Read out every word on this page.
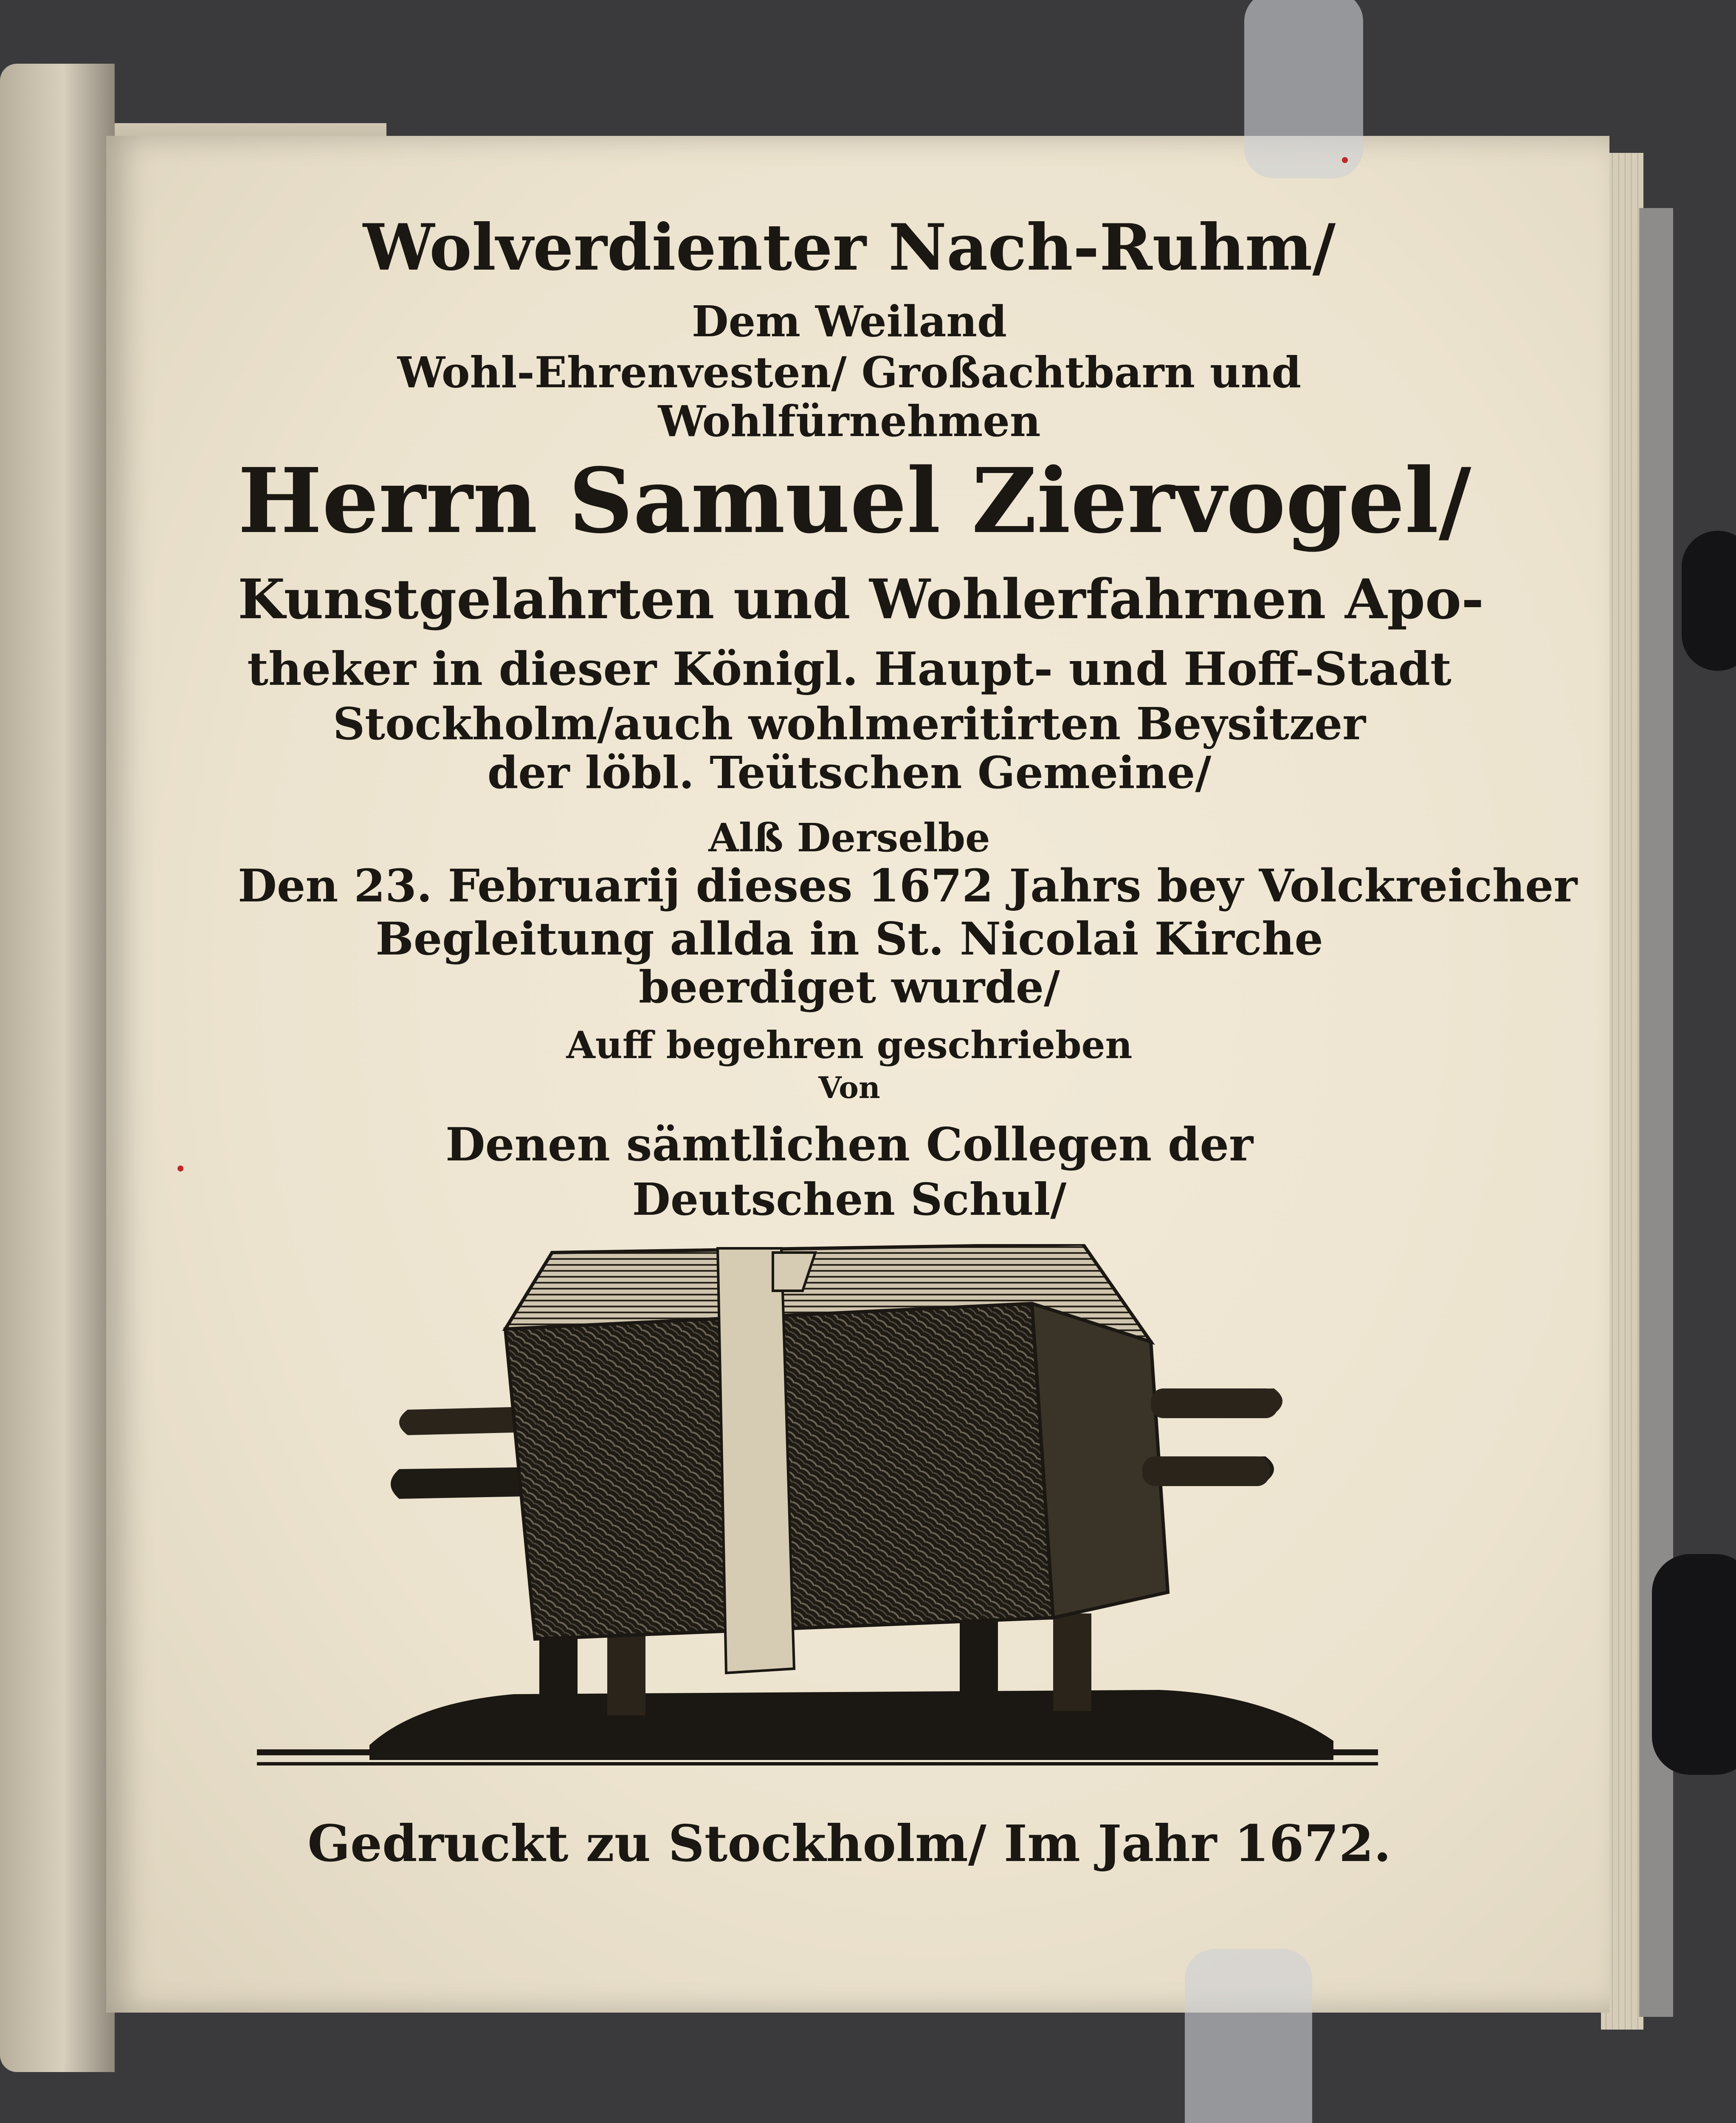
Wolverdienter Nach-Ruhm/
Dem Weiland
Wohl-Ehrenvesten/ Großachtbarn und
Wohlfürnehmen
Herrn Samuel Ziervogel/
Kunstgelahrten und Wohlerfahrnen Apo-
theker in dieser Königl. Haupt- und Hoff-Stadt
Stockholm/auch wohlmeritirten Beysitzer
der löbl. Teütschen Gemeine/
Alß Derselbe
Den 23. Februarij dieses 1672 Jahrs bey Volckreicher
Begleitung allda in St. Nicolai Kirche
beerdiget wurde/
Auff begehren geschrieben
Von
Denen sämtlichen Collegen der
Deutschen Schul/
Gedruckt zu Stockholm/ Im Jahr 1672.
